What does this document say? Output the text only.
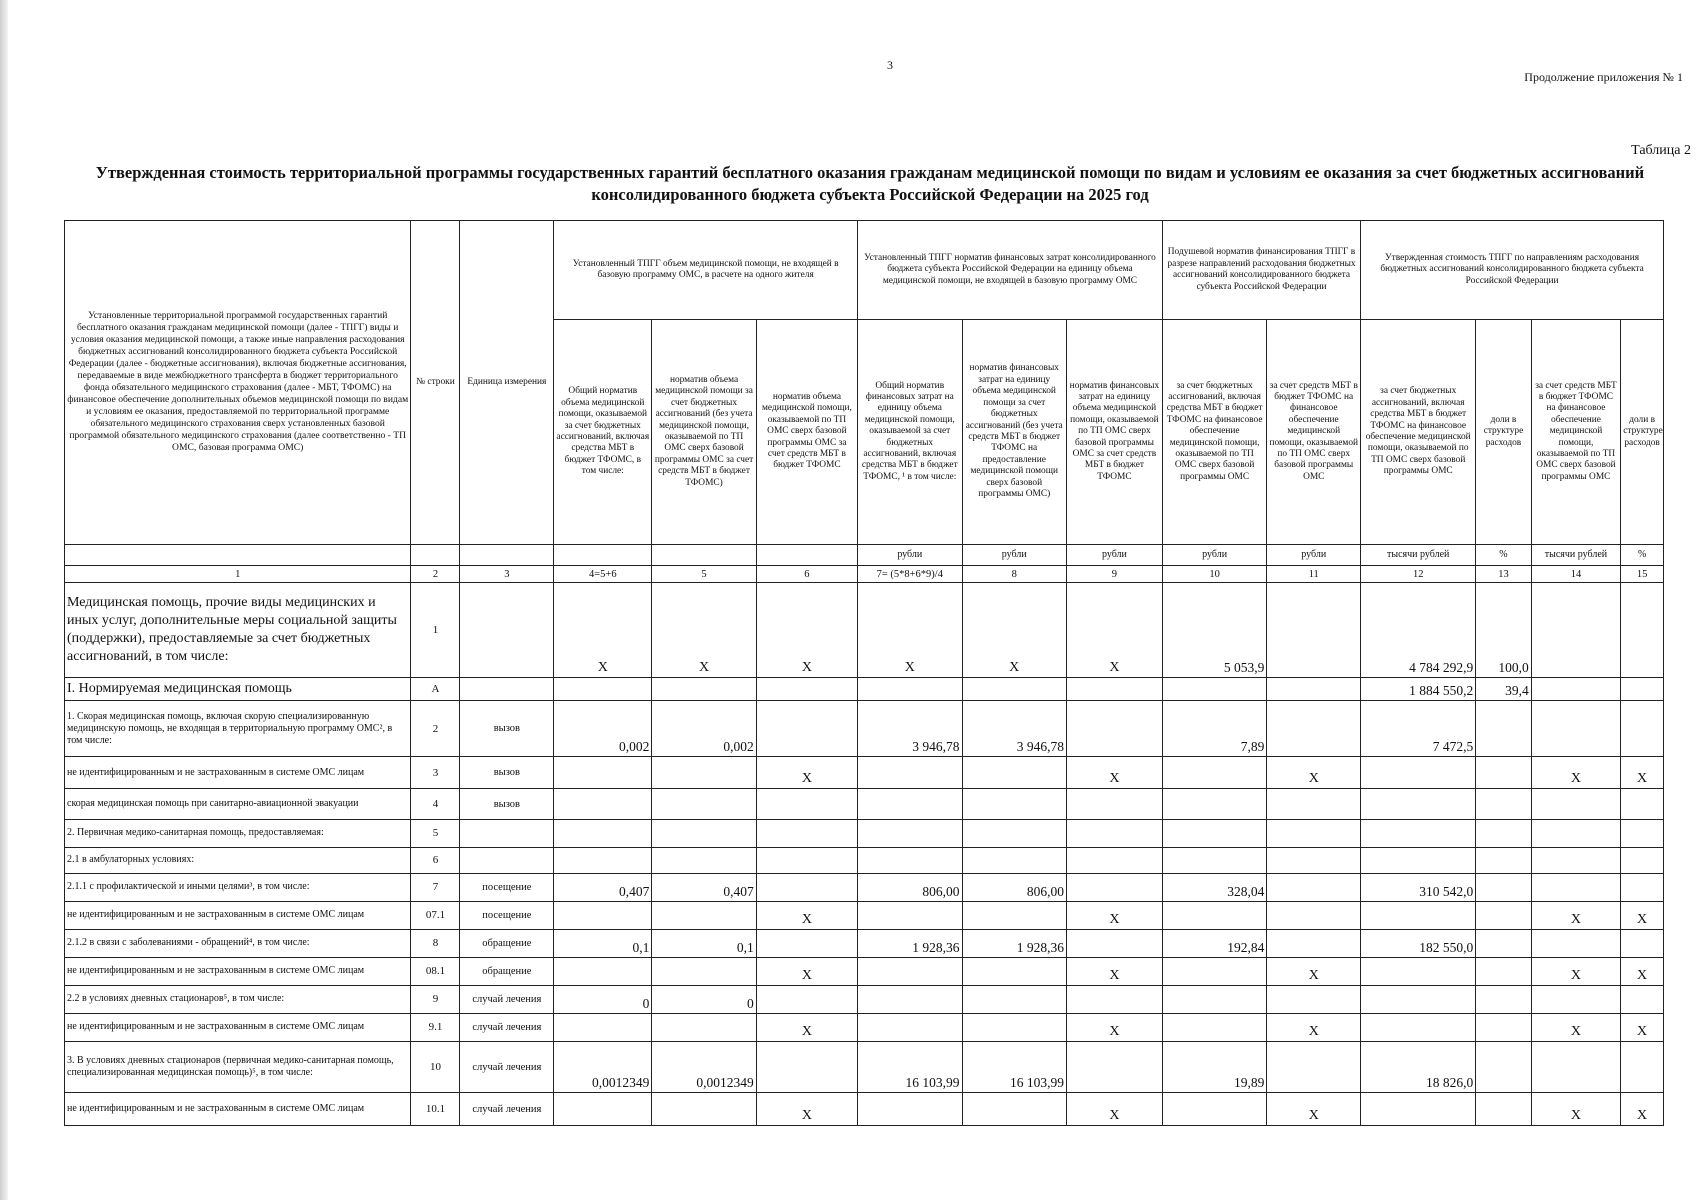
3
Продолжение приложения № 1
Таблица 2
Утвержденная стоимость территориальной программы государственных гарантий бесплатного оказания гражданам медицинской помощи по видам и условиям ее оказания за счет бюджетных ассигнований
консолидированного бюджета субъекта Российской Федерации на 2025 год
Установленные территориальной программой государственных гарантий бесплатного оказания гражданам медицинской помощи (далее - ТПГГ) виды и условия оказания медицинской помощи, а также иные направления расходования бюджетных ассигнований консолидированного бюджета субъекта Российской Федерации (далее - бюджетные ассигнования), включая бюджетные ассигнования, передаваемые в виде межбюджетного трансферта в бюджет территориального фонда обязательного медицинского страхования (далее - МБТ, ТФОМС) на финансовое обеспечение дополнительных объемов медицинской помощи по видам и условиям ее оказания, предоставляемой по территориальной программе обязательного медицинского страхования сверх установленных базовой программой обязательного медицинского страхования (далее соответственно - ТП ОМС, базовая программа ОМС)	№ строки	Единица измерения	Установленный ТПГГ объем медицинской помощи, не входящей в базовую программу ОМС, в расчете на одного жителя			Установленный ТПГГ норматив финансовых затрат консолидированного бюджета субъекта Российской Федерации на единицу объема медицинской помощи, не входящей в базовую программу ОМС			Подушевой норматив финансирования ТПГГ в разрезе направлений расходования бюджетных ассигнований консолидированного бюджета субъекта Российской Федерации		Утвержденная стоимость ТПГГ по направлениям расходования бюджетных ассигнований консолидированного бюджета субъекта Российской Федерации			
			Общий норматив объема медицинской помощи, оказываемой за счет бюджетных ассигнований, включая средства МБТ в бюджет ТФОМС, в том числе:	норматив объема медицинской помощи за счет бюджетных ассигнований (без учета медицинской помощи, оказываемой по ТП ОМС сверх базовой программы ОМС за счет средств МБТ в бюджет ТФОМС)	норматив объема медицинской помощи, оказываемой по ТП ОМС сверх базовой программы ОМС за счет средств МБТ в бюджет ТФОМС	Общий норматив финансовых затрат на единицу объема медицинской помощи, оказываемой за счет бюджетных ассигнований, включая средства МБТ в бюджет ТФОМС, ¹ в том числе:	норматив финансовых затрат на единицу объема медицинской помощи за счет бюджетных ассигнований (без учета средств МБТ в бюджет ТФОМС на предоставление медицинской помощи сверх базовой программы ОМС)	норматив финансовых затрат на единицу объема медицинской помощи, оказываемой по ТП ОМС сверх базовой программы ОМС за счет средств МБТ в бюджет ТФОМС	за счет бюджетных ассигнований, включая средства МБТ в бюджет ТФОМС на финансовое обеспечение медицинской помощи, оказываемой по ТП ОМС сверх базовой программы ОМС	за счет средств МБТ в бюджет ТФОМС на финансовое обеспечение медицинской помощи, оказываемой по ТП ОМС сверх базовой программы ОМС	за счет бюджетных ассигнований, включая средства МБТ в бюджет ТФОМС на финансовое обеспечение медицинской помощи, оказываемой по ТП ОМС сверх базовой программы ОМС	доли в структуре расходов	за счет средств МБТ в бюджет ТФОМС на финансовое обеспечение медицинской помощи, оказываемой по ТП ОМС сверх базовой программы ОМС	доли в структуре расходов
						рубли	рубли	рубли	рубли	рубли	тысячи рублей	%	тысячи рублей	%
1	2	3	4=5+6	5	6	7= (5*8+6*9)/4	8	9	10	11	12	13	14	15
Медицинская помощь, прочие виды медицинских и иных услуг, дополнительные меры социальной защиты (поддержки), предоставляемые за счет бюджетных ассигнований, в том числе:	1		X	X	X	X	X	X	5 053,9		4 784 292,9	100,0		
I. Нормируемая медицинская помощь	А										1 884 550,2	39,4		
1. Скорая медицинская помощь, включая скорую специализированную медицинскую помощь, не входящая в территориальную программу ОМС², в том числе:	2	вызов	0,002	0,002		3 946,78	3 946,78		7,89		7 472,5			
не идентифицированным и не застрахованным в системе ОМС лицам	3	вызов			X			X		X			X	X
скорая медицинская помощь при санитарно-авиационной эвакуации	4	вызов												
2. Первичная медико-санитарная помощь, предоставляемая:	5													
2.1 в амбулаторных условиях:	6													
2.1.1 с профилактической и иными целями³, в том числе:	7	посещение	0,407	0,407		806,00	806,00		328,04		310 542,0			
не идентифицированным и не застрахованным в системе ОМС лицам	07.1	посещение			X			X					X	X
2.1.2 в связи с заболеваниями - обращений⁴, в том числе:	8	обращение	0,1	0,1		1 928,36	1 928,36		192,84		182 550,0			
не идентифицированным и не застрахованным в системе ОМС лицам	08.1	обращение			X			X		X			X	X
2.2 в условиях дневных стационаров⁵, в том числе:	9	случай лечения	0	0										
не идентифицированным и не застрахованным в системе ОМС лицам	9.1	случай лечения			X			X		X			X	X
3. В условиях дневных стационаров (первичная медико-санитарная помощь, специализированная медицинская помощь)⁵, в том числе:	10	случай лечения	0,0012349	0,0012349		16 103,99	16 103,99		19,89		18 826,0			
не идентифицированным и не застрахованным в системе ОМС лицам	10.1	случай лечения			X			X		X			X	X
